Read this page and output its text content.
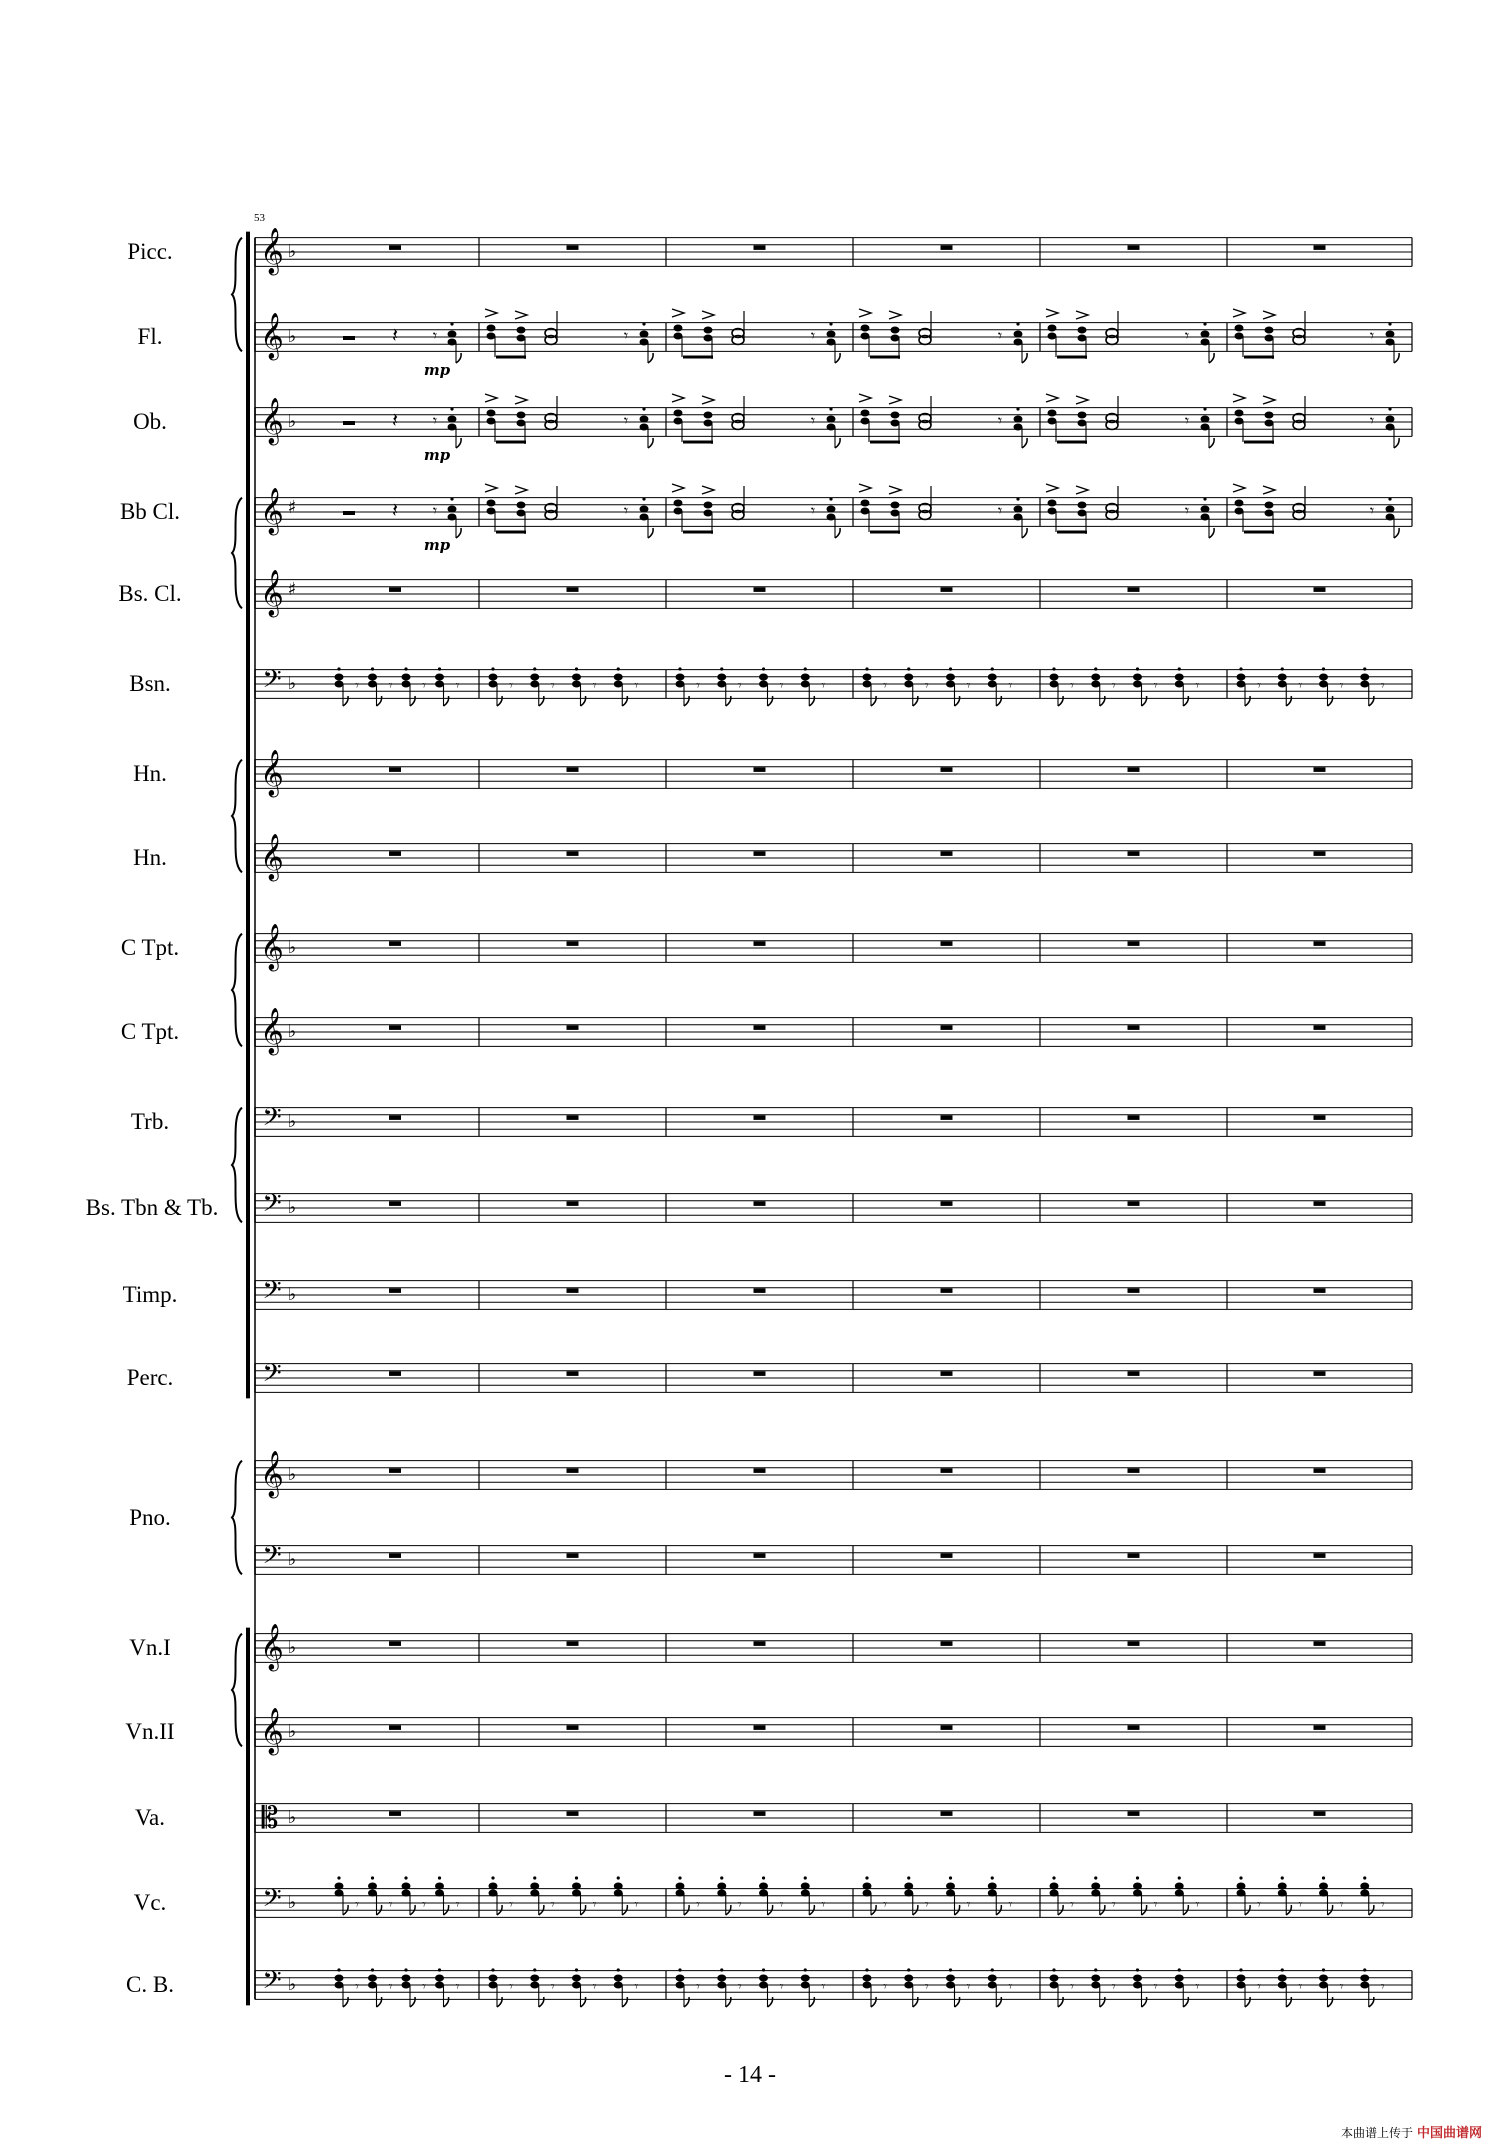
𝄞 ♭
𝄞 ♭	𝄽 𝄾
mp
𝄾	𝄾	𝄾	𝄾	𝄾
𝄞 ♭	𝄽 𝄾
mp
𝄾	𝄾	𝄾	𝄾	𝄾
𝄞 ♯	𝄽 𝄾
mp
𝄾	𝄾	𝄾	𝄾	𝄾
𝄞 ♯
𝄢 ♭	𝄾 𝄾 𝄾 𝄾	𝄾	𝄾	𝄾	𝄾	𝄾	𝄾	𝄾	𝄾	𝄾	𝄾	𝄾	𝄾	𝄾	𝄾	𝄾	𝄾	𝄾	𝄾	𝄾	𝄾
𝄞
𝄞
𝄞 ♭
𝄞 ♭
𝄢 ♭
𝄢 ♭
𝄢 ♭
𝄢
𝄞 ♭
𝄢 ♭
𝄞 ♭
𝄞 ♭
𝄡 ♭
𝄢 ♭	𝄾 𝄾 𝄾 𝄾	𝄾	𝄾	𝄾	𝄾	𝄾	𝄾	𝄾	𝄾	𝄾	𝄾	𝄾	𝄾	𝄾	𝄾	𝄾	𝄾	𝄾	𝄾	𝄾	𝄾
𝄢 ♭	𝄾 𝄾 𝄾 𝄾	𝄾	𝄾	𝄾	𝄾	𝄾	𝄾	𝄾	𝄾	𝄾	𝄾	𝄾	𝄾	𝄾	𝄾	𝄾	𝄾	𝄾	𝄾	𝄾	𝄾
Picc.
Fl.
Ob.
Bb Cl.
Bs. Cl.
Bsn.
Hn.
Hn.
C Tpt.
C Tpt.
Trb.
Bs. Tbn & Tb.
Timp.
Perc.
Pno.
Vn.I
Vn.II
Va.
Vc.
C. B.
53
- 14 -
本曲谱上传于 中国曲谱网
